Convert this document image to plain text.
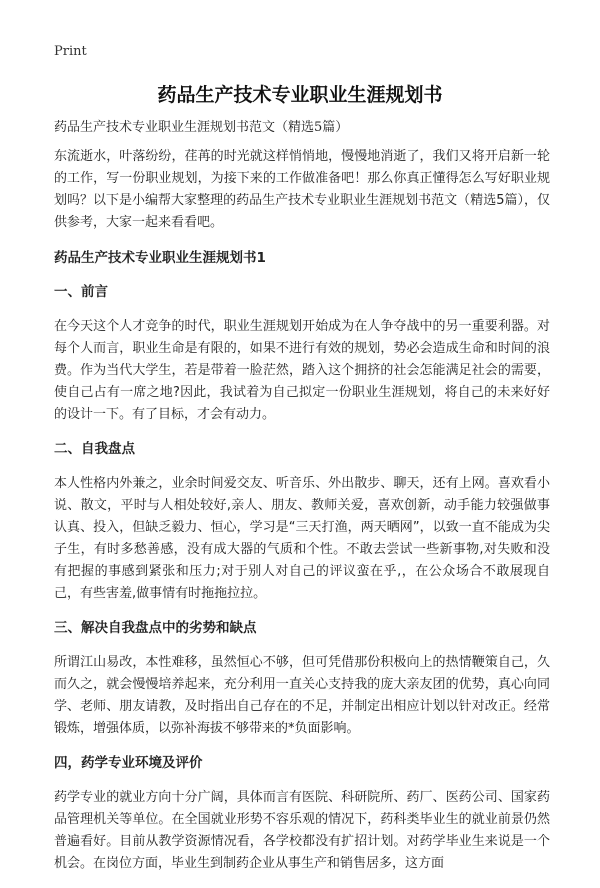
Print
药品生产技术专业职业生涯规划书
药品生产技术专业职业生涯规划书范文（精选5篇）

东流逝水，叶落纷纷，荏苒的时光就这样悄悄地，慢慢地消逝了，我们又将开启新一轮的工作，写一份职业规划，为接下来的工作做准备吧！那么你真正懂得怎么写好职业规划吗？以下是小编帮大家整理的药品生产技术专业职业生涯规划书范文（精选5篇），仅供参考，大家一起来看看吧。

药品生产技术专业职业生涯规划书1
一、前言

在今天这个人才竞争的时代，职业生涯规划开始成为在人争夺战中的另一重要利器。对每个人而言，职业生命是有限的，如果不进行有效的规划，势必会造成生命和时间的浪费。作为当代大学生，若是带着一脸茫然，踏入这个拥挤的社会怎能满足社会的需要，使自己占有一席之地?因此，我试着为自己拟定一份职业生涯规划，将自己的未来好好的设计一下。有了目标，才会有动力。

二、自我盘点

本人性格内外兼之，业余时间爱交友、听音乐、外出散步、聊天，还有上网。喜欢看小说、散文，平时与人相处较好,亲人、朋友、教师关爱，喜欢创新，动手能力较强做事认真、投入，但缺乏毅力、恒心，学习是“三天打渔，两天晒网”，以致一直不能成为尖子生，有时多愁善感，没有成大器的气质和个性。不敢去尝试一些新事物,对失败和没有把握的事感到紧张和压力;对于别人对自己的评议蛮在乎,，在公众场合不敢展现自己，有些害羞,做事情有时拖拖拉拉。

三、解决自我盘点中的劣势和缺点

所谓江山易改，本性难移，虽然恒心不够，但可凭借那份积极向上的热情鞭策自己，久而久之，就会慢慢培养起来，充分利用一直关心支持我的庞大亲友团的优势，真心向同学、老师、朋友请教，及时指出自己存在的不足，并制定出相应计划以针对改正。经常锻炼，增强体质，以弥补海拔不够带来的*负面影响。

四，药学专业环境及评价

药学专业的就业方向十分广阔，具体而言有医院、科研院所、药厂、医药公司、国家药品管理机关等单位。在全国就业形势不容乐观的情况下，药科类毕业生的就业前景仍然普遍看好。目前从教学资源情况看，各学校都没有扩招计划。对药学毕业生来说是一个机会。在岗位方面，毕业生到制药企业从事生产和销售居多，这方面
